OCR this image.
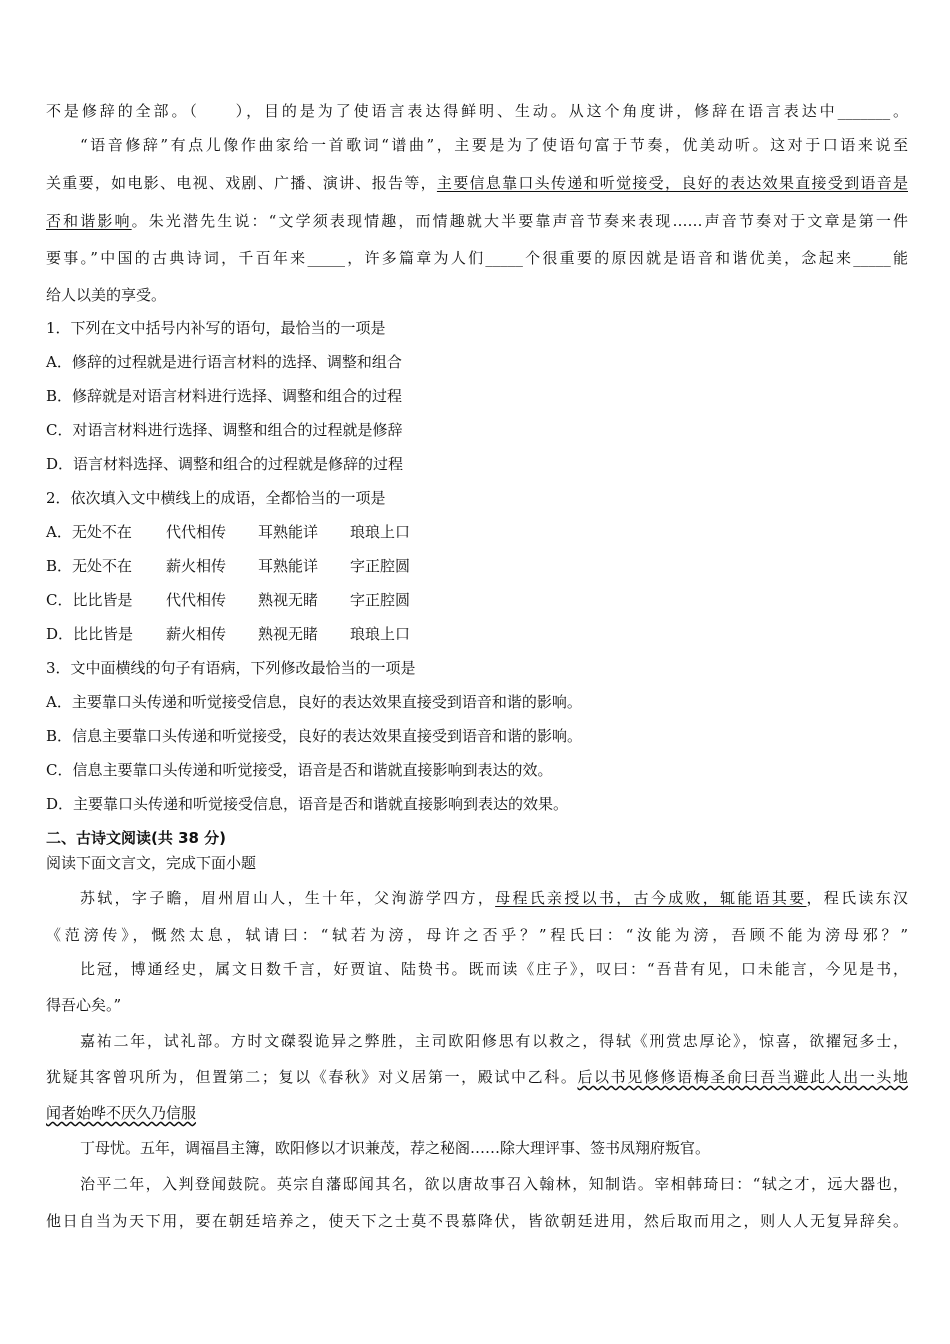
不是修辞的全部。（　　），目的是为了使语言表达得鲜明、生动。从这个角度讲，修辞在语言表达中_______。
“语音修辞”有点儿像作曲家给一首歌词“谱曲”，主要是为了使语句富于节奏，优美动听。这对于口语来说至
关重要，如电影、电视、戏剧、广播、演讲、报告等，主要信息靠口头传递和听觉接受，良好的表达效果直接受到语音是
否和谐影响。朱光潜先生说：“文学须表现情趣，而情趣就大半要靠声音节奏来表现……声音节奏对于文章是第一件
要事。”中国的古典诗词，千百年来_____，许多篇章为人们_____个很重要的原因就是语音和谐优美，念起来_____能
给人以美的享受。
1．下列在文中括号内补写的语句，最恰当的一项是
A．修辞的过程就是进行语言材料的选择、调整和组合
B．修辞就是对语言材料进行选择、调整和组合的过程
C．对语言材料进行选择、调整和组合的过程就是修辞
D．语言材料选择、调整和组合的过程就是修辞的过程
2．依次填入文中横线上的成语，全都恰当的一项是
A．无处不在 代代相传 耳熟能详 琅琅上口
B．无处不在 薪火相传 耳熟能详 字正腔圆
C．比比皆是 代代相传 熟视无睹 字正腔圆
D．比比皆是 薪火相传 熟视无睹 琅琅上口
3．文中面横线的句子有语病，下列修改最恰当的一项是
A．主要靠口头传递和听觉接受信息，良好的表达效果直接受到语音和谐的影响。
B．信息主要靠口头传递和听觉接受，良好的表达效果直接受到语音和谐的影响。
C．信息主要靠口头传递和听觉接受，语音是否和谐就直接影响到表达的效。
D．主要靠口头传递和听觉接受信息，语音是否和谐就直接影响到表达的效果。
二、古诗文阅读(共 38 分)
阅读下面文言文，完成下面小题
苏轼，字子瞻，眉州眉山人，生十年，父洵游学四方，母程氏亲授以书，古今成败，辄能语其要，程氏读东汉
《范滂传》，慨然太息，轼请曰：“轼若为滂，母许之否乎？”程氏曰：“汝能为滂，吾顾不能为滂母邪？”
比冠，博通经史，属文日数千言，好贾谊、陆贽书。既而读《庄子》，叹曰：“吾昔有见，口未能言，今见是书，
得吾心矣。”
嘉祐二年，试礼部。方时文磔裂诡异之弊胜，主司欧阳修思有以救之，得轼《刑赏忠厚论》，惊喜，欲擢冠多士，
犹疑其客曾巩所为，但置第二；复以《春秋》对义居第一，殿试中乙科。后以书见修修语梅圣俞曰吾当避此人出一头地
闻者始哗不厌久乃信服
丁母忧。五年，调福昌主簿，欧阳修以才识兼茂，荐之秘阁……除大理评事、签书凤翔府叛官。
治平二年，入判登闻鼓院。英宗自藩邸闻其名，欲以唐故事召入翰林，知制诰。宰相韩琦曰：“轼之才，远大器也，
他日自当为天下用，要在朝廷培养之，使天下之士莫不畏慕降伏，皆欲朝廷进用，然后取而用之，则人人无复异辞矣。
